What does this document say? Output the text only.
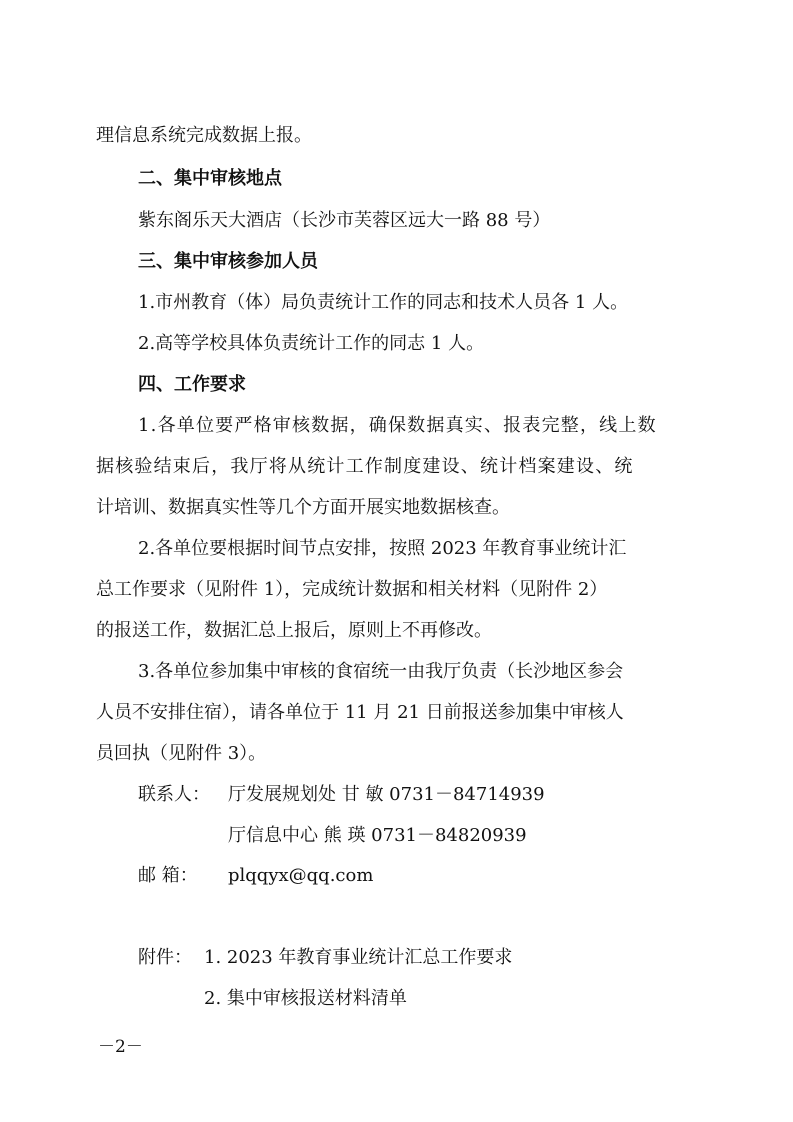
理信息系统完成数据上报。
二、集中审核地点
紫东阁乐天大酒店（长沙市芙蓉区远大一路 88 号）
三、集中审核参加人员
1.市州教育（体）局负责统计工作的同志和技术人员各 1 人。
2.高等学校具体负责统计工作的同志 1 人。
四、工作要求
1.各单位要严格审核数据，确保数据真实、报表完整，线上数
据核验结束后，我厅将从统计工作制度建设、统计档案建设、统
计培训、数据真实性等几个方面开展实地数据核查。
2.各单位要根据时间节点安排，按照 2023 年教育事业统计汇
总工作要求（见附件 1），完成统计数据和相关材料（见附件 2）
的报送工作，数据汇总上报后，原则上不再修改。
3.各单位参加集中审核的食宿统一由我厅负责（长沙地区参会
人员不安排住宿），请各单位于 11 月 21 日前报送参加集中审核人
员回执（见附件 3）。
联系人： 厅发展规划处 甘 敏 0731－84714939
厅信息中心 熊 瑛 0731－84820939
邮 箱： plqqyx@qq.com
附件： 1. 2023 年教育事业统计汇总工作要求
2. 集中审核报送材料清单
－2－
